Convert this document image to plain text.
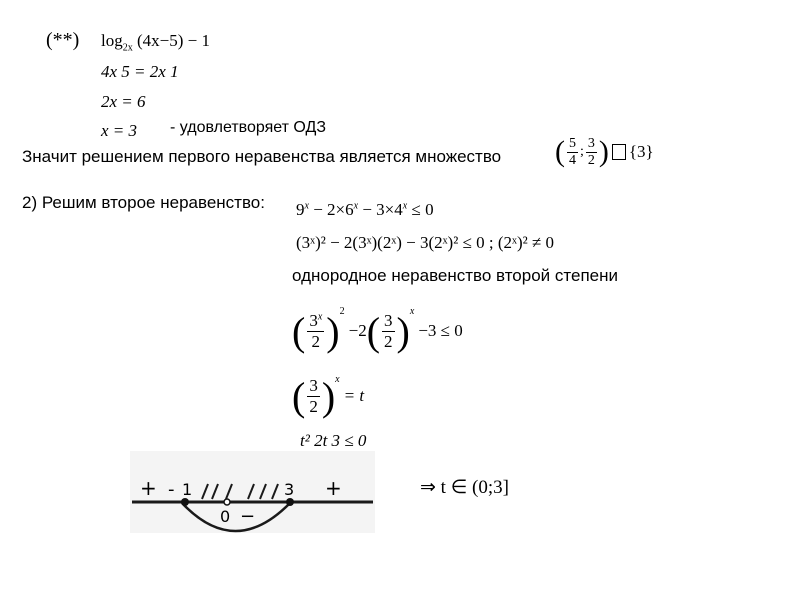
(**) $\log_{2x} (4x-5) - 1$
4x 5 = 2x 1
2x = 6
x = 3 - удовлетворяет ОДЗ
Значит решением первого неравенства является множество ( $\frac{5}{4}$ ; $\frac{3}{2}$ ) {3}
2) Решим второе неравенство: $9^x - 2\times 6^x - 3\times 4^x \le 0$
(3ˣ)² − 2(3ˣ)(2ˣ) − 3(2ˣ)² ≤ 0 ; (2ˣ)² ≠ 0
однородное неравенство второй степени
( $\frac{3^x}{2} )^2$
−2 ( $\frac{3}{2} )^x$
−3 ≤ 0
( $\frac{3}{2} )^x$
= t
t² 2t 3 ≤ 0
+ - 1	3
0 −
+	⇒ t ∈ (0;3]
